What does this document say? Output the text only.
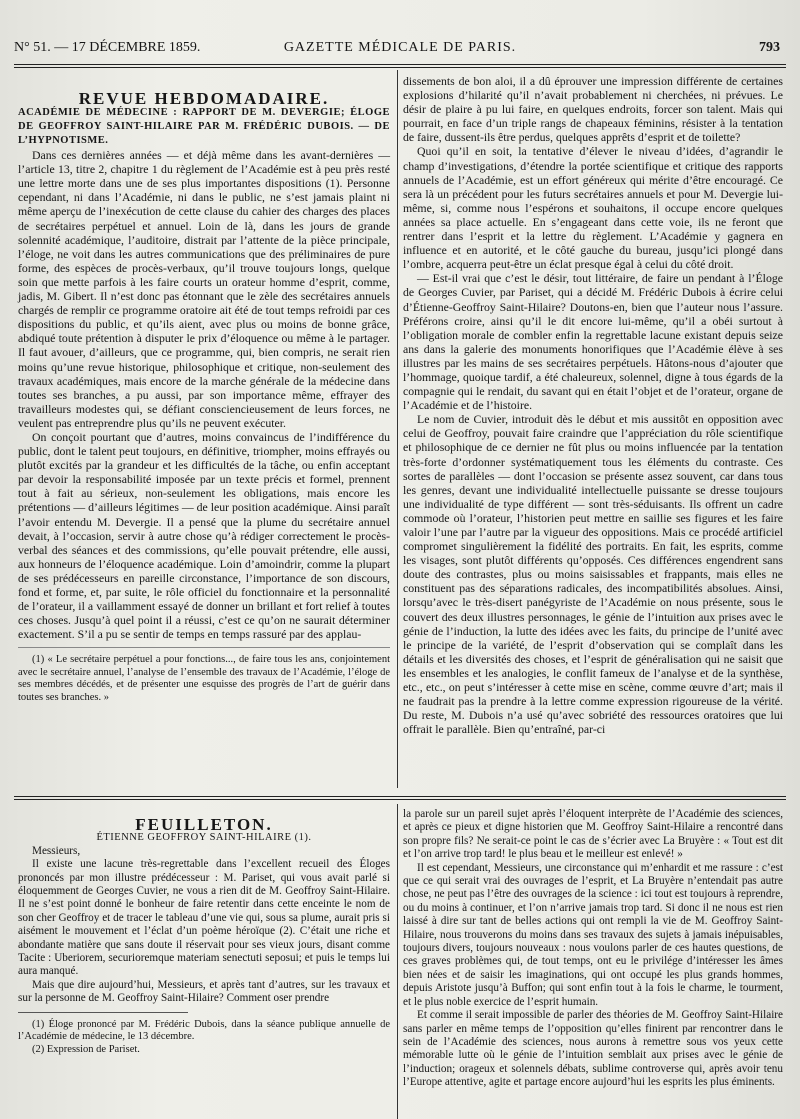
N° 51. — 17 DÉCEMBRE 1859.	GAZETTE MÉDICALE DE PARIS.	793
REVUE HEBDOMADAIRE.

ACADÉMIE DE MÉDECINE : RAPPORT DE M. DEVERGIE; ÉLOGE DE GEOFFROY SAINT-HILAIRE PAR M. FRÉDÉRIC DUBOIS. — DE L’HYPNOTISME.

Dans ces dernières années — et déjà même dans les avant-dernières — l’article 13, titre 2, chapitre 1 du règlement de l’Académie est à peu près resté une lettre morte dans une de ses plus importantes dispositions (1). Personne cependant, ni dans l’Académie, ni dans le public, ne s’est jamais plaint ni même aperçu de l’inexécution de cette clause du cahier des charges des places de secrétaires perpétuel et annuel. Loin de là, dans les jours de grande solennité académique, l’auditoire, distrait par l’attente de la pièce principale, l’éloge, ne voit dans les autres communications que des préliminaires de pure forme, des espèces de procès-verbaux, qu’il trouve toujours longs, quelque soin que mette parfois à les faire courts un orateur homme d’esprit, comme, jadis, M. Gibert. Il n’est donc pas étonnant que le zèle des secrétaires annuels chargés de remplir ce programme oratoire ait été de tout temps refroidi par ces dispositions du public, et qu’ils aient, avec plus ou moins de bonne grâce, abdiqué toute prétention à disputer le prix d’éloquence ou même à le partager. Il faut avouer, d’ailleurs, que ce programme, qui, bien compris, ne serait rien moins qu’une revue historique, philosophique et critique, non-seulement des travaux académiques, mais encore de la marche générale de la médecine dans toutes ses branches, a pu aussi, par son importance même, effrayer des travailleurs modestes qui, se défiant consciencieusement de leurs forces, ne veulent pas entreprendre plus qu’ils ne peuvent exécuter.

On conçoit pourtant que d’autres, moins convaincus de l’indifférence du public, dont le talent peut toujours, en définitive, triompher, moins effrayés ou plutôt excités par la grandeur et les difficultés de la tâche, ou enfin acceptant par devoir la responsabilité imposée par un texte précis et formel, prennent tout à fait au sérieux, non-seulement les obligations, mais encore les prétentions — d’ailleurs légitimes — de leur position académique. Ainsi paraît l’avoir entendu M. Devergie. Il a pensé que la plume du secrétaire annuel devait, à l’occasion, servir à autre chose qu’à rédiger correctement le procès-verbal des séances et des commissions, qu’elle pouvait prétendre, elle aussi, aux honneurs de l’éloquence académique. Loin d’amoindrir, comme la plupart de ses prédécesseurs en pareille circonstance, l’importance de son discours, fond et forme, et, par suite, le rôle officiel du fonctionnaire et la personnalité de l’orateur, il a vaillamment essayé de donner un brillant et fort relief à toutes ces choses. Jusqu’à quel point il a réussi, c’est ce qu’on ne saurait déterminer exactement. S’il a pu se sentir de temps en temps rassuré par des applau-

(1) « Le secrétaire perpétuel a pour fonctions..., de faire tous les ans, conjointement avec le secrétaire annuel, l’analyse de l’ensemble des travaux de l’Académie, l’éloge de ses membres décédés, et de présenter une esquisse des progrès de l’art de guérir dans toutes ses branches. »

dissements de bon aloi, il a dû éprouver une impression différente de certaines explosions d’hilarité qu’il n’avait probablement ni cherchées, ni prévues. Le désir de plaire à pu lui faire, en quelques endroits, forcer son talent. Mais qui pourrait, en face d’un triple rangs de chapeaux féminins, résister à la tentation de faire, dussent-ils être perdus, quelques apprêts d’esprit et de toilette?

Quoi qu’il en soit, la tentative d’élever le niveau d’idées, d’agrandir le champ d’investigations, d’étendre la portée scientifique et critique des rapports annuels de l’Académie, est un effort généreux qui mérite d’être encouragé. Ce sera là un précédent pour les futurs secrétaires annuels et pour M. Devergie lui-même, si, comme nous l’espérons et souhaitons, il occupe encore quelques années sa place actuelle. En s’engageant dans cette voie, ils ne feront que rentrer dans l’esprit et la lettre du règlement. L’Académie y gagnera en influence et en autorité, et le côté gauche du bureau, jusqu’ici plongé dans l’ombre, acquerra peut-être un éclat presque égal à celui du côté droit.

— Est-il vrai que c’est le désir, tout littéraire, de faire un pendant à l’Éloge de Georges Cuvier, par Pariset, qui a décidé M. Frédéric Dubois à écrire celui d’Étienne-Geoffroy Saint-Hilaire? Doutons-en, bien que l’auteur nous l’assure. Préférons croire, ainsi qu’il le dit encore lui-même, qu’il a obéi surtout à l’obligation morale de combler enfin la regrettable lacune existant depuis seize ans dans la galerie des monuments honorifiques que l’Académie élève à ses illustres par les mains de ses secrétaires perpétuels. Hâtons-nous d’ajouter que l’hommage, quoique tardif, a été chaleureux, solennel, digne à tous égards de la compagnie qui le rendait, du savant qui en était l’objet et de l’orateur, organe de l’Académie et de l’histoire.

Le nom de Cuvier, introduit dès le début et mis aussitôt en opposition avec celui de Geoffroy, pouvait faire craindre que l’appréciation du rôle scientifique et philosophique de ce dernier ne fût plus ou moins influencée par la tentation très-forte d’ordonner systématiquement tous les éléments du contraste. Ces sortes de parallèles — dont l’occasion se présente assez souvent, car dans tous les genres, devant une individualité intellectuelle puissante se dresse toujours une individualité de type différent — sont très-séduisants. Ils offrent un cadre commode où l’orateur, l’historien peut mettre en saillie ses figures et les faire valoir l’une par l’autre par la vigueur des oppositions. Mais ce procédé artificiel compromet singulièrement la fidélité des portraits. En fait, les esprits, comme les visages, sont plutôt différents qu’opposés. Ces différences engendrent sans doute des contrastes, plus ou moins saisissables et frappants, mais elles ne constituent pas des séparations radicales, des incompatibilités absolues. Ainsi, lorsqu’avec le très-disert panégyriste de l’Académie on nous présente, sous le couvert des deux illustres personnages, le génie de l’intuition aux prises avec le génie de l’induction, la lutte des idées avec les faits, du principe de l’unité avec le principe de la variété, de l’esprit d’observation qui se complaît dans les détails et les diversités des choses, et l’esprit de généralisation qui ne saisit que les ensembles et les analogies, le conflit fameux de l’analyse et de la synthèse, etc., etc., on peut s’intéresser à cette mise en scène, comme œuvre d’art; mais il ne faudrait pas la prendre à la lettre comme expression rigoureuse de la vérité. Du reste, M. Dubois n’a usé qu’avec sobriété des ressources oratoires que lui offrait le parallèle. Bien qu’entraîné, par-ci

FEUILLETON.

ÉTIENNE GEOFFROY SAINT-HILAIRE (1).

Messieurs,

Il existe une lacune très-regrettable dans l’excellent recueil des Éloges prononcés par mon illustre prédécesseur : M. Pariset, qui vous avait parlé si éloquemment de Georges Cuvier, ne vous a rien dit de M. Geoffroy Saint-Hilaire. Il ne s’est point donné le bonheur de faire retentir dans cette enceinte le nom de son cher Geoffroy et de tracer le tableau d’une vie qui, sous sa plume, aurait pris si aisément le mouvement et l’éclat d’un poème héroïque (2). C’était une riche et abondante matière que sans doute il réservait pour ses vieux jours, disant comme Tacite : Uberiorem, securioremque materiam senectuti seposui; et puis le temps lui aura manqué.

Mais que dire aujourd’hui, Messieurs, et après tant d’autres, sur les travaux et sur la personne de M. Geoffroy Saint-Hilaire? Comment oser prendre

(1) Éloge prononcé par M. Frédéric Dubois, dans la séance publique annuelle de l’Académie de médecine, le 13 décembre.

(2) Expression de Pariset.

la parole sur un pareil sujet après l’éloquent interprète de l’Académie des sciences, et après ce pieux et digne historien que M. Geoffroy Saint-Hilaire a rencontré dans son propre fils? Ne serait-ce point le cas de s’écrier avec La Bruyère : « Tout est dit et l’on arrive trop tard! le plus beau et le meilleur est enlevé! »

Il est cependant, Messieurs, une circonstance qui m’enhardit et me rassure : c’est que ce qui serait vrai des ouvrages de l’esprit, et La Bruyère n’entendait pas autre chose, ne peut pas l’être des ouvrages de la science : ici tout est toujours à reprendre, ou du moins à continuer, et l’on n’arrive jamais trop tard. Si donc il ne nous est rien laissé à dire sur tant de belles actions qui ont rempli la vie de M. Geoffroy Saint-Hilaire, nous trouverons du moins dans ses travaux des sujets à jamais inépuisables, toujours divers, toujours nouveaux : nous voulons parler de ces hautes questions, de ces graves problèmes qui, de tout temps, ont eu le privilége d’intéresser les âmes bien nées et de saisir les imaginations, qui ont occupé les plus grands hommes, depuis Aristote jusqu’à Buffon; qui sont enfin tout à la fois le charme, le tourment, et le plus noble exercice de l’esprit humain.

Et comme il serait impossible de parler des théories de M. Geoffroy Saint-Hilaire sans parler en même temps de l’opposition qu’elles finirent par rencontrer dans le sein de l’Académie des sciences, nous aurons à remettre sous vos yeux cette mémorable lutte où le génie de l’intuition semblait aux prises avec le génie de l’induction; orageux et solennels débats, sublime controverse qui, après avoir tenu l’Europe attentive, agite et partage encore aujourd’hui les esprits les plus éminents.
